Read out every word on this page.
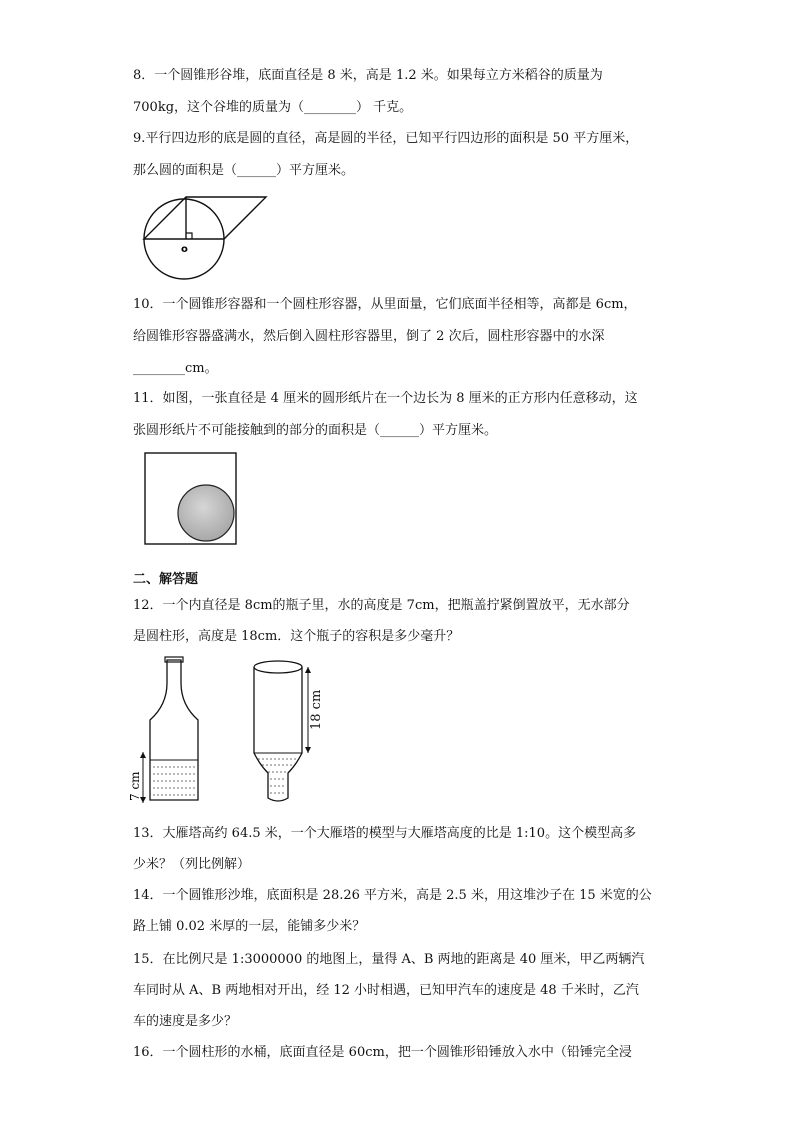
8．一个圆锥形谷堆，底面直径是 8 米，高是 1.2 米。如果每立方米稻谷的质量为
700kg，这个谷堆的质量为（________） 千克。
9.平行四边形的底是圆的直径，高是圆的半径，已知平行四边形的面积是 50 平方厘米，
那么圆的面积是（______）平方厘米。
o
10．一个圆锥形容器和一个圆柱形容器，从里面量，它们底面半径相等，高都是 6cm，
给圆锥形容器盛满水，然后倒入圆柱形容器里，倒了 2 次后，圆柱形容器中的水深
________cm。
11．如图，一张直径是 4 厘米的圆形纸片在一个边长为 8 厘米的正方形内任意移动，这
张圆形纸片不可能接触到的部分的面积是（______）平方厘米。
二、解答题
12．一个内直径是 8cm的瓶子里，水的高度是 7cm，把瓶盖拧紧倒置放平，无水部分
是圆柱形，高度是 18cm．这个瓶子的容积是多少毫升？
7 cm
18 cm
13．大雁塔高约 64.5 米，一个大雁塔的模型与大雁塔高度的比是 1:10。这个模型高多
少米？（列比例解）
14．一个圆锥形沙堆，底面积是 28.26 平方米，高是 2.5 米，用这堆沙子在 15 米宽的公
路上铺 0.02 米厚的一层，能铺多少米？
15．在比例尺是 1:3000000 的地图上，量得 A、B 两地的距离是 40 厘米，甲乙两辆汽
车同时从 A、B 两地相对开出，经 12 小时相遇，已知甲汽车的速度是 48 千米时，乙汽
车的速度是多少？
16．一个圆柱形的水桶，底面直径是 60cm，把一个圆锥形铅锤放入水中（铅锤完全浸
